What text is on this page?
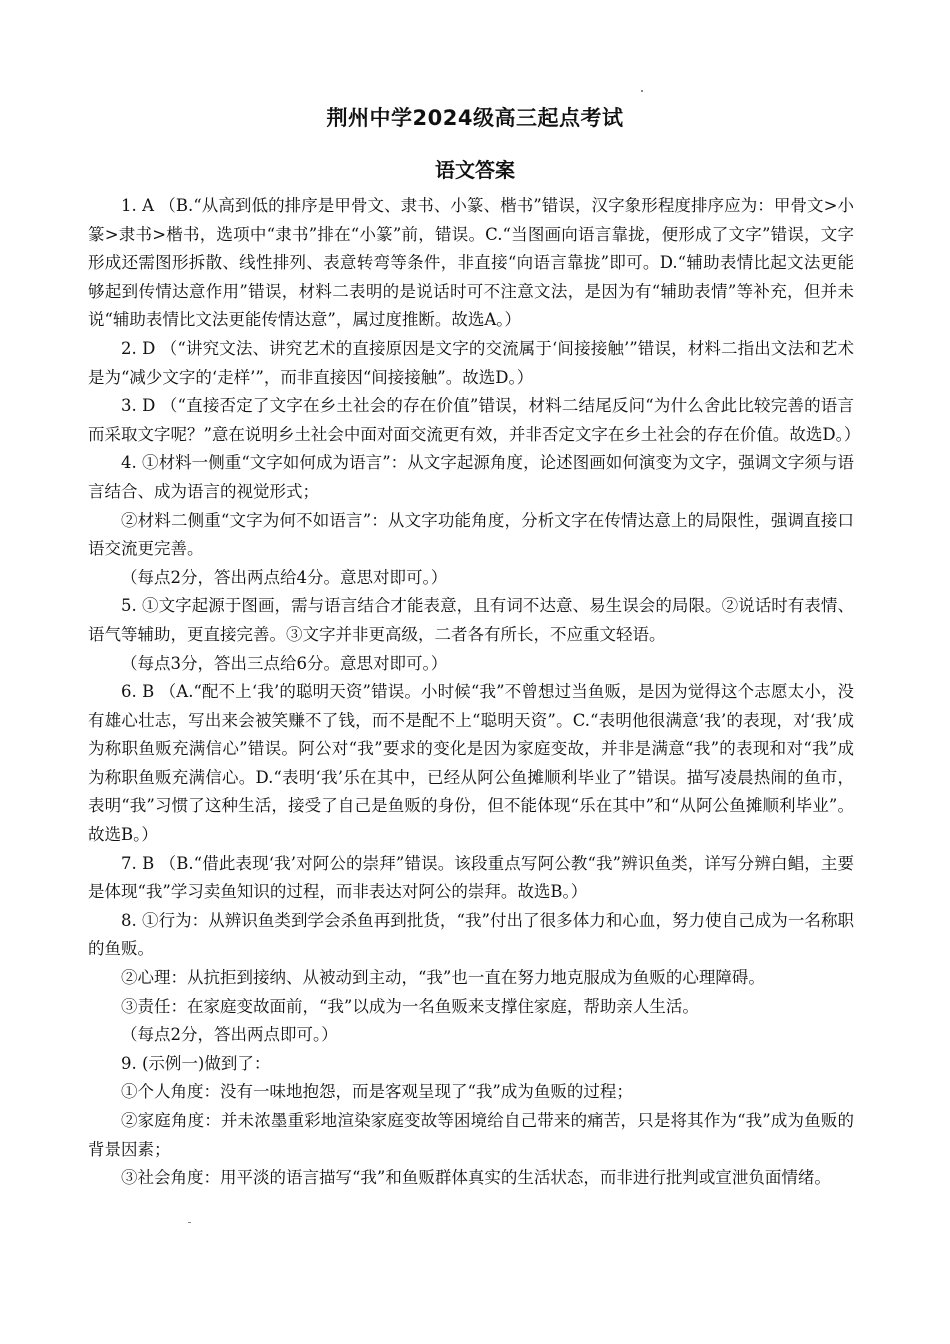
荆州中学2024级高三起点考试
语文答案

1. A （B.“从高到低的排序是甲骨文、隶书、小篆、楷书”错误，汉字象形程度排序应为：甲骨文>小篆>隶书>楷书，选项中“隶书”排在“小篆”前，错误。C.“当图画向语言靠拢，便形成了文字”错误，文字形成还需图形拆散、线性排列、表意转弯等条件，非直接“向语言靠拢”即可。D.“辅助表情比起文法更能够起到传情达意作用”错误，材料二表明的是说话时可不注意文法，是因为有“辅助表情”等补充，但并未说“辅助表情比文法更能传情达意”，属过度推断。故选A。）

2. D （“讲究文法、讲究艺术的直接原因是文字的交流属于‘间接接触’”错误，材料二指出文法和艺术是为“减少文字的‘走样’”，而非直接因“间接接触”。故选D。）

3. D （“直接否定了文字在乡土社会的存在价值”错误，材料二结尾反问“为什么舍此比较完善的语言而采取文字呢？”意在说明乡土社会中面对面交流更有效，并非否定文字在乡土社会的存在价值。故选D。）

4. ①材料一侧重“文字如何成为语言”：从文字起源角度，论述图画如何演变为文字，强调文字须与语言结合、成为语言的视觉形式；

②材料二侧重“文字为何不如语言”：从文字功能角度，分析文字在传情达意上的局限性，强调直接口语交流更完善。

（每点2分，答出两点给4分。意思对即可。）

5. ①文字起源于图画，需与语言结合才能表意，且有词不达意、易生误会的局限。②说话时有表情、语气等辅助，更直接完善。③文字并非更高级，二者各有所长，不应重文轻语。

（每点3分，答出三点给6分。意思对即可。）

6. B （A.“配不上‘我’的聪明天资”错误。小时候“我”不曾想过当鱼贩，是因为觉得这个志愿太小，没有雄心壮志，写出来会被笑赚不了钱，而不是配不上“聪明天资”。C.“表明他很满意‘我’的表现，对‘我’成为称职鱼贩充满信心”错误。阿公对“我”要求的变化是因为家庭变故，并非是满意“我”的表现和对“我”成为称职鱼贩充满信心。D.“表明‘我’乐在其中，已经从阿公鱼摊顺利毕业了”错误。描写凌晨热闹的鱼市，表明“我”习惯了这种生活，接受了自己是鱼贩的身份，但不能体现“乐在其中”和“从阿公鱼摊顺利毕业”。故选B。）

7. B （B.“借此表现‘我’对阿公的崇拜”错误。该段重点写阿公教“我”辨识鱼类，详写分辨白鲳，主要是体现“我”学习卖鱼知识的过程，而非表达对阿公的崇拜。故选B。）

8. ①行为：从辨识鱼类到学会杀鱼再到批货，“我”付出了很多体力和心血，努力使自己成为一名称职的鱼贩。

②心理：从抗拒到接纳、从被动到主动，“我”也一直在努力地克服成为鱼贩的心理障碍。

③责任：在家庭变故面前，“我”以成为一名鱼贩来支撑住家庭，帮助亲人生活。

（每点2分，答出两点即可。）

9. (示例一)做到了：

①个人角度：没有一味地抱怨，而是客观呈现了“我”成为鱼贩的过程；

②家庭角度：并未浓墨重彩地渲染家庭变故等困境给自己带来的痛苦，只是将其作为“我”成为鱼贩的背景因素；

③社会角度：用平淡的语言描写“我”和鱼贩群体真实的生活状态，而非进行批判或宣泄负面情绪。
